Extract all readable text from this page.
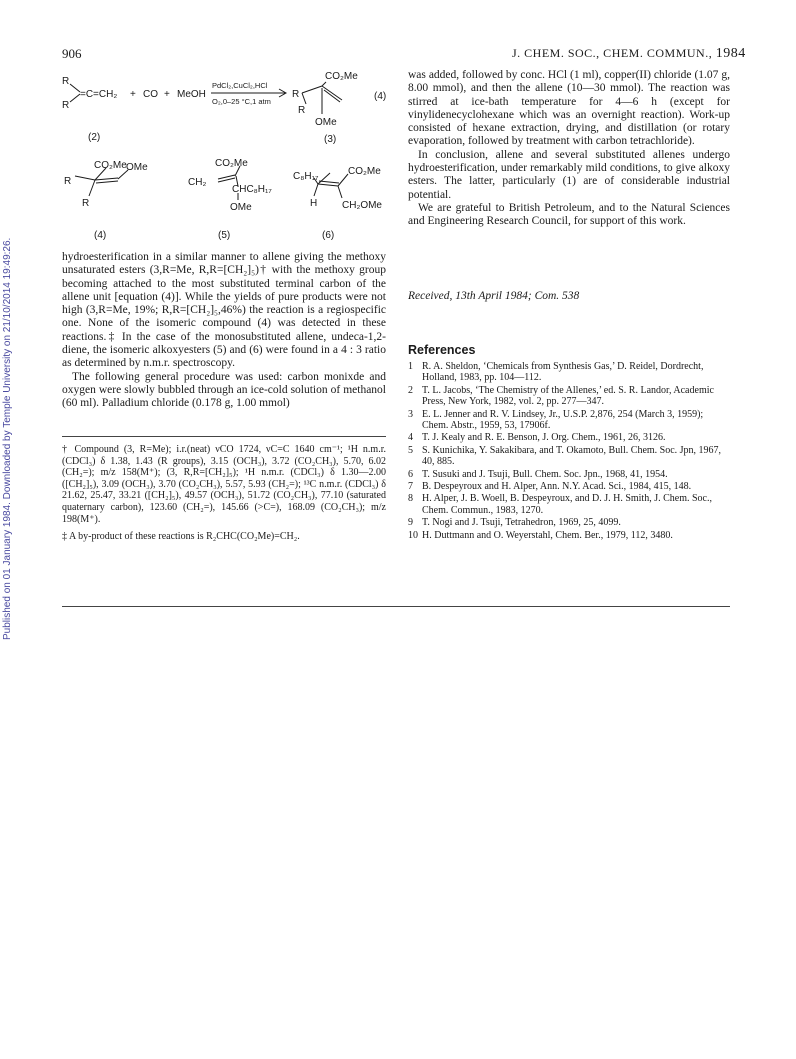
Published on 01 January 1984. Downloaded by Temple University on 21/10/2014 19:49:26.
906	J. CHEM. SOC., CHEM. COMMUN., 1984
R
R
=C=CH₂ + CO + MeOH
PdCl₂,CuCl₂,HCl
O₂,0–25 °C,1 atm
CO₂Me
R
R
OMe
(4)
(2)	(3)
CO₂Me
R
OMe
R
(4)
CO₂Me
CH₂
CHC₈H₁₇
OMe
(5)
C₈H₁₇	CO₂Me
H CH₂OMe
(6)

hydroesterification in a similar manner to allene giving the methoxy unsaturated esters (3,R=Me, R,R=[CH₂]₅)† with the methoxy group becoming attached to the most substituted terminal carbon of the allene unit [equation (4)]. While the yields of pure products were not high (3,R=Me, 19%; R,R=[CH₂]₅,46%) the reaction is a regiospecific one. None of the isomeric compound (4) was detected in these reactions.‡ In the case of the monosubstituted allene, undeca-1,2-diene, the isomeric alkoxyesters (5) and (6) were found in a 4 : 3 ratio as determined by n.m.r. spectroscopy.

The following general procedure was used: carbon monixde and oxygen were slowly bubbled through an ice-cold solution of methanol (60 ml). Palladium chloride (0.178 g, 1.00 mmol)

† Compound (3, R=Me); i.r.(neat) νCO 1724, νC=C 1640 cm⁻¹; ¹H n.m.r.(CDCl₃) δ 1.38, 1.43 (R groups), 3.15 (OCH₃), 3.72 (CO₂CH₃), 5.70, 6.02 (CH₂=); m/z 158(M⁺); (3, R,R=[CH₂]₅); ¹H n.m.r. (CDCl₃) δ 1.30—2.00 ([CH₂]₅), 3.09 (OCH₃), 3.70 (CO₂CH₃), 5.57, 5.93 (CH₂=); ¹³C n.m.r. (CDCl₃) δ 21.62, 25.47, 33.21 ([CH₂]₅), 49.57 (OCH₃), 51.72 (CO₂CH₃), 77.10 (saturated quaternary carbon), 123.60 (CH₂=), 145.66 (>C=), 168.09 (CO₂CH₃); m/z 198(M⁺).

‡ A by-product of these reactions is R₂CHC(CO₂Me)=CH₂.

was added, followed by conc. HCl (1 ml), copper(II) chloride (1.07 g, 8.00 mmol), and then the allene (10—30 mmol). The reaction was stirred at ice-bath temperature for 4—6 h (except for vinylidenecyclohexane which was an overnight reaction). Work-up consisted of hexane extraction, drying, and distillation (or rotary evaporation, followed by treatment with carbon tetrachloride).

In conclusion, allene and several substituted allenes undergo hydroesterification, under remarkably mild conditions, to give alkoxy esters. The latter, particularly (1) are of considerable industrial potential.

We are grateful to British Petroleum, and to the Natural Sciences and Engineering Research Council, for support of this work.

Received, 13th April 1984; Com. 538
References
1 R. A. Sheldon, ‘Chemicals from Synthesis Gas,’ D. Reidel, Dordrecht, Holland, 1983, pp. 104—112.
2 T. L. Jacobs, ‘The Chemistry of the Allenes,’ ed. S. R. Landor, Academic Press, New York, 1982, vol. 2, pp. 277—347.
3 E. L. Jenner and R. V. Lindsey, Jr., U.S.P. 2,876, 254 (March 3, 1959); Chem. Abstr., 1959, 53, 17906f.
4 T. J. Kealy and R. E. Benson, J. Org. Chem., 1961, 26, 3126.
5 S. Kunichika, Y. Sakakibara, and T. Okamoto, Bull. Chem. Soc. Jpn, 1967, 40, 885.
6 T. Susuki and J. Tsuji, Bull. Chem. Soc. Jpn., 1968, 41, 1954.
7 B. Despeyroux and H. Alper, Ann. N.Y. Acad. Sci., 1984, 415, 148.
8 H. Alper, J. B. Woell, B. Despeyroux, and D. J. H. Smith, J. Chem. Soc., Chem. Commun., 1983, 1270.
9 T. Nogi and J. Tsuji, Tetrahedron, 1969, 25, 4099.
10 H. Duttmann and O. Weyerstahl, Chem. Ber., 1979, 112, 3480.
